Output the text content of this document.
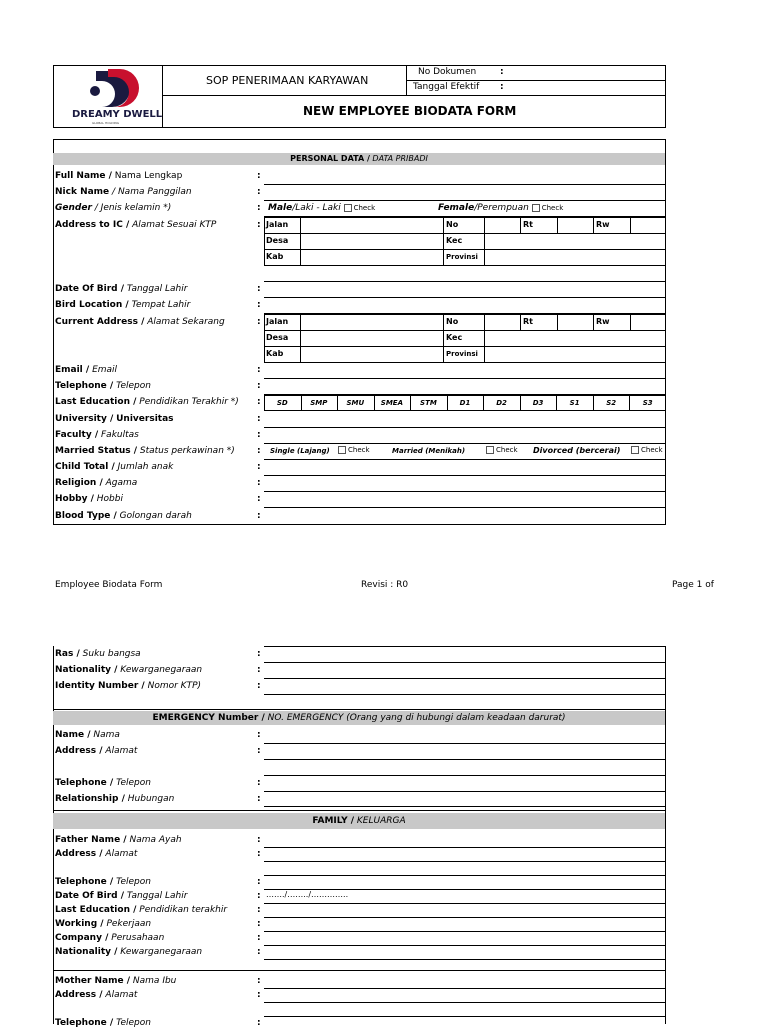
DREAMY DWELL
GLOBAL HOLDING
SOP PENERIMAAN KARYAWAN
No Dokumen	:
Tanggal Efektif :
NEW EMPLOYEE BIODATA FORM
PERSONAL DATA / DATA PRIBADI
Full Name / Nama Lengkap	:
Nick Name / Nama Panggilan	:
Gender / Jenis kelamin *)	: Male/Laki - Laki Check	Female/Perempuan Check
Address to IC / Alamat Sesuai KTP	: Jalan	No	Rt	Rw
Desa	Kec
Kab	Provinsi
Date Of Bird / Tanggal Lahir	:
Bird Location / Tempat Lahir	:
Current Address / Alamat Sekarang	: Jalan	No	Rt	Rw
Desa	Kec
Kab	Provinsi
Email / Email	:
Telephone / Telepon	:
Last Education / Pendidikan Terakhir *) :	SD	SMP	SMU	SMEA	STM	D1	D2	D3	S1	S2	S3
University / Universitas	:
Faculty / Fakultas	:
Married Status / Status perkawinan *) : Single (Lajang)	Check	Married (Menikah)	Check Divorced (bercerai)	Check
Child Total / Jumlah anak	:
Religion / Agama	:
Hobby / Hobbi	:
Blood Type / Golongan darah	:
Employee Biodata Form	Revisi : R0	Page 1 of
Ras / Suku bangsa	:
Nationality / Kewarganegaraan	:
Identity Number / Nomor KTP)	:
EMERGENCY Number / NO. EMERGENCY (Orang yang di hubungi dalam keadaan darurat)
Name / Nama	:
Address / Alamat	:
Telephone / Telepon	:
Relationship / Hubungan	:
FAMILY / KELUARGA
Father Name / Nama Ayah	:
Address / Alamat	:
Telephone / Telepon	:
Date Of Bird / Tanggal Lahir	: ……./……../…………..
Last Education / Pendidikan terakhir	:
Working / Pekerjaan	:
Company / Perusahaan	:
Nationality / Kewarganegaraan	:
Mother Name / Nama Ibu	:
Address / Alamat	:
Telephone / Telepon	:
